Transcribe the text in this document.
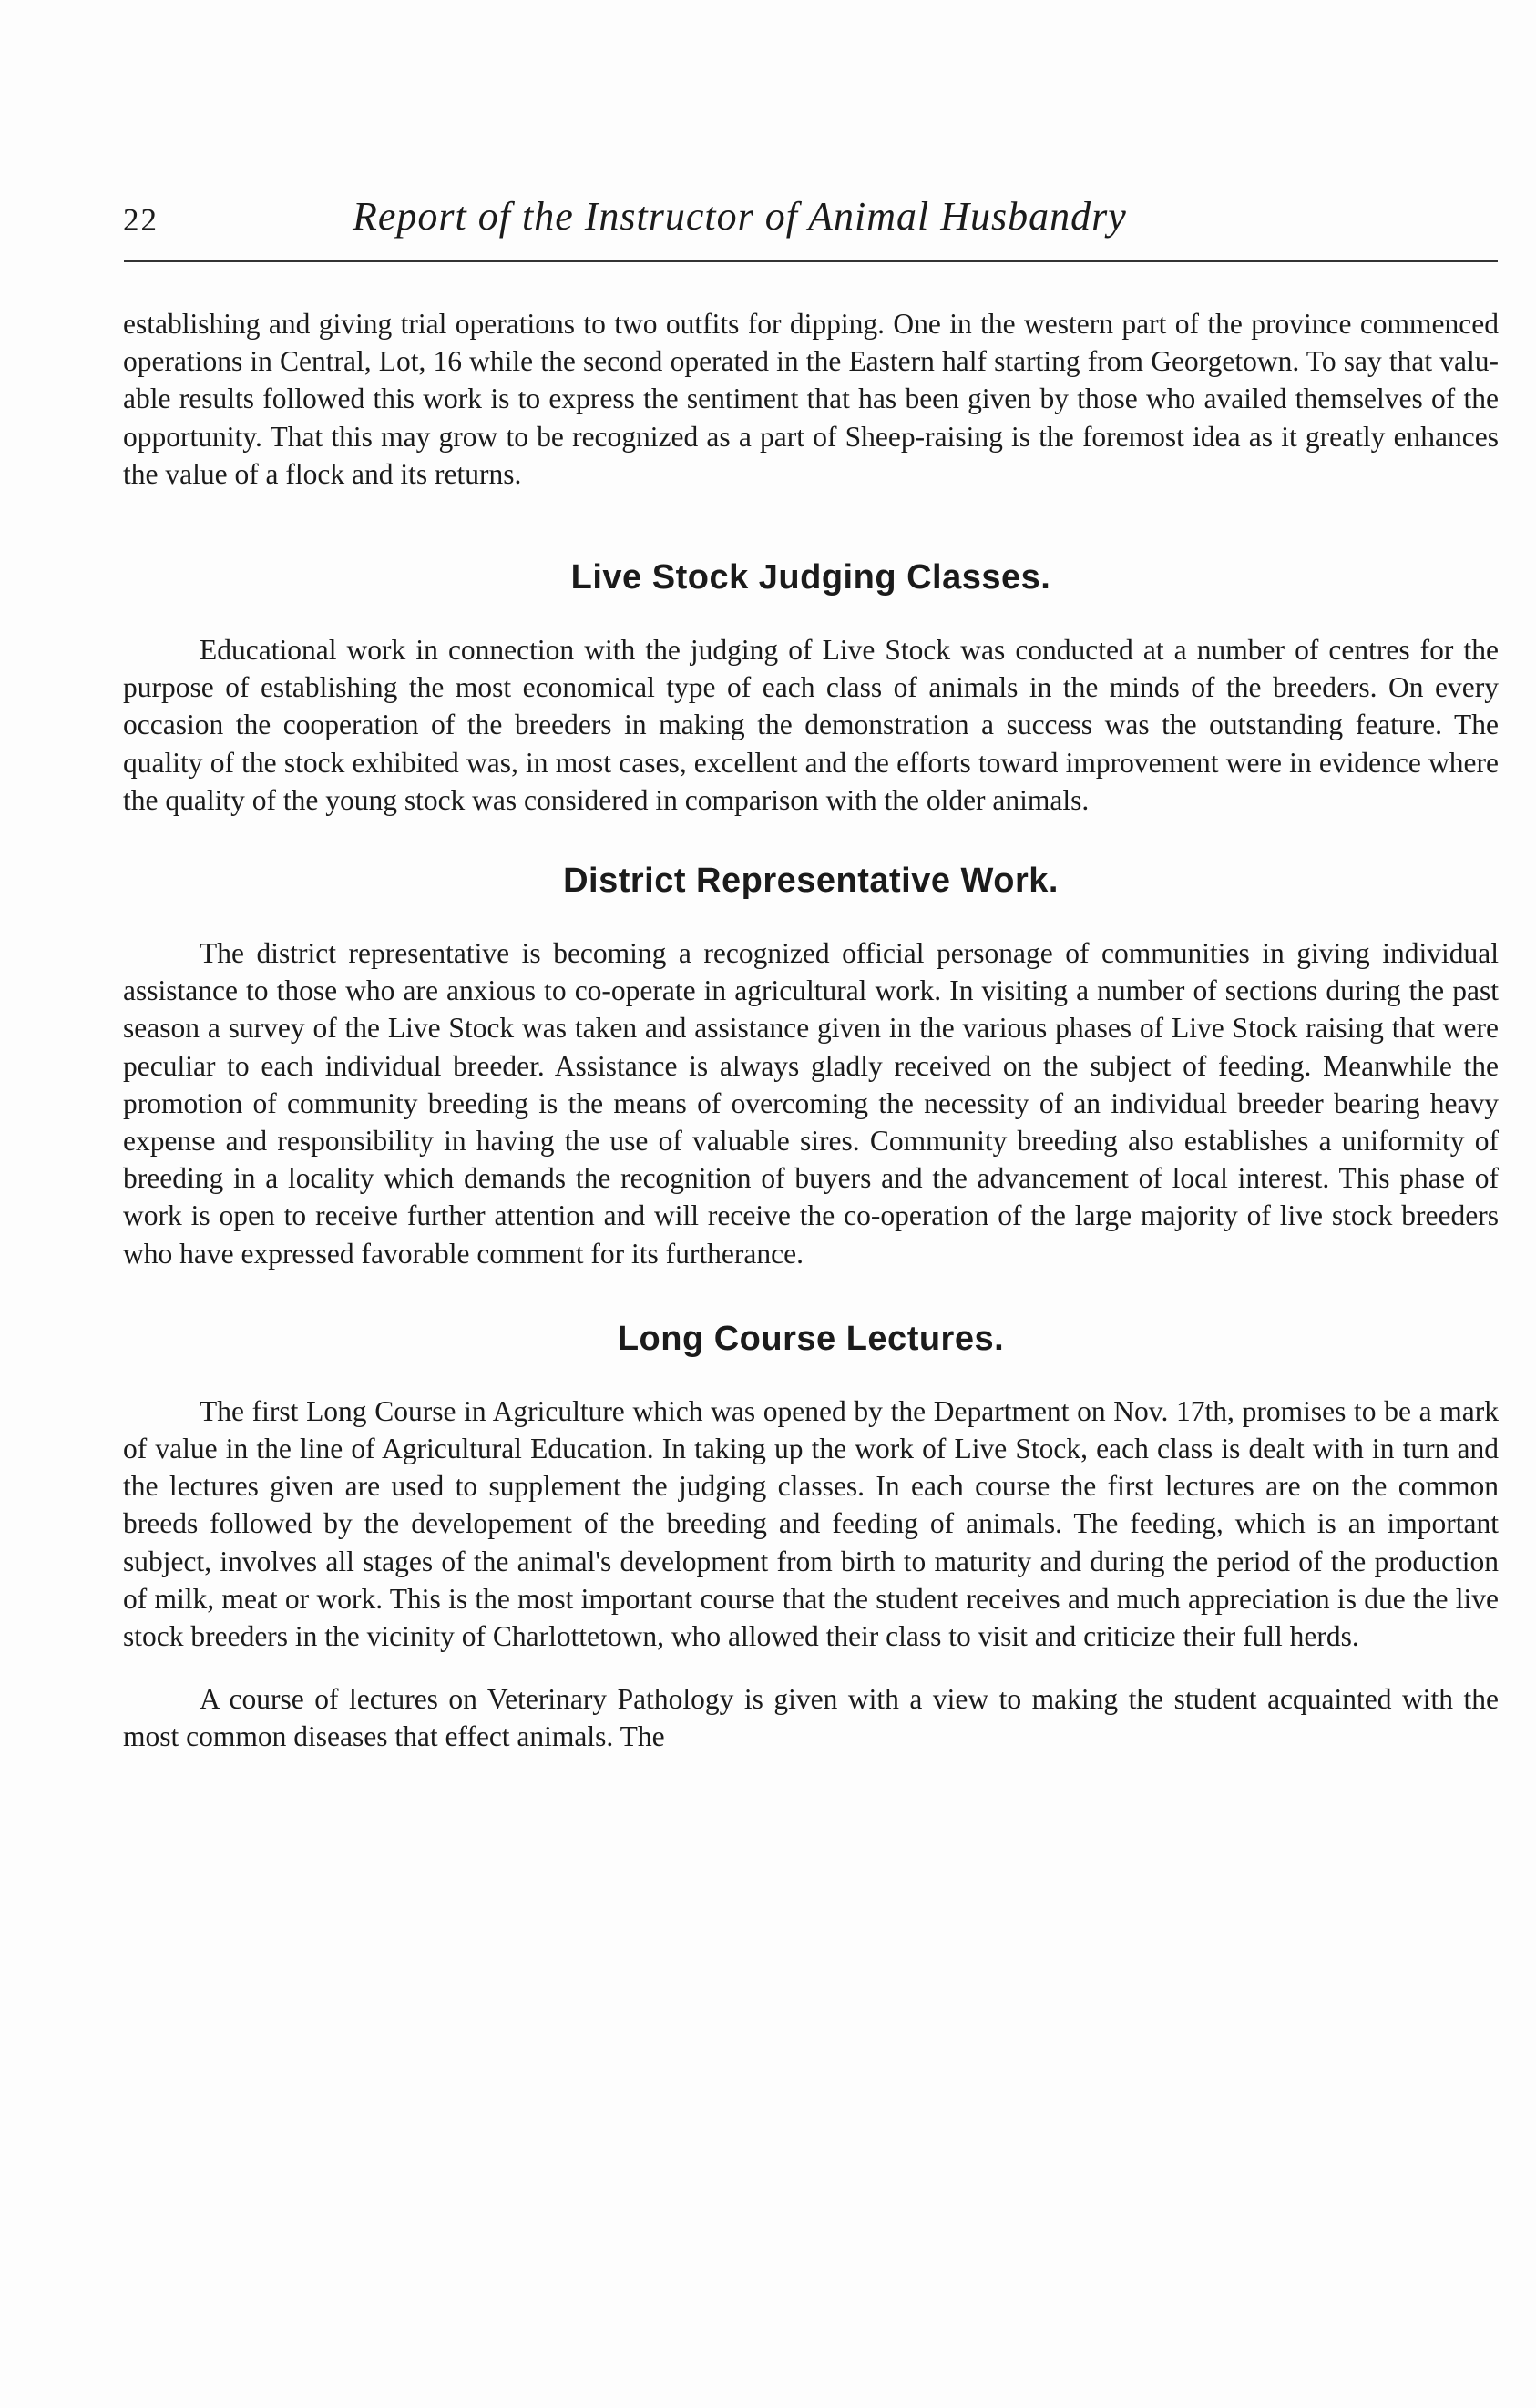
22	Report of the Instructor of Animal Husbandry

establishing and giving trial operations to two outfits for dipping. One in the western part of the province commenced operations in Central, Lot, 16 while the second operated in the Eastern half starting from Georgetown. To say that valuable results followed this work is to express the sentiment that has been given by those who availed themselves of the opportunity. That this may grow to be recognized as a part of Sheep-raising is the foremost idea as it greatly enhances the value of a flock and its returns.

Live Stock Judging Classes.

Educational work in connection with the judging of Live Stock was conducted at a number of centres for the purpose of establishing the most economical type of each class of animals in the minds of the breeders. On every occasion the cooperation of the breeders in making the demonstration a success was the outstanding feature. The quality of the stock exhibited was, in most cases, excellent and the efforts toward improvement were in evidence where the quality of the young stock was considered in comparison with the older animals.

District Representative Work.

The district representative is becoming a recognized official personage of communities in giving individual assistance to those who are anxious to co-operate in agricultural work. In visiting a number of sections during the past season a survey of the Live Stock was taken and assistance given in the various phases of Live Stock raising that were peculiar to each individual breeder. Assistance is always gladly received on the subject of feeding. Meanwhile the promotion of community breeding is the means of overcoming the necessity of an individual breeder bearing heavy expense and responsibility in having the use of valuable sires. Community breeding also establishes a uniformity of breeding in a locality which demands the recognition of buyers and the advancement of local interest. This phase of work is open to receive further attention and will receive the co-operation of the large majority of live stock breeders who have expressed favorable comment for its furtherance.

Long Course Lectures.

The first Long Course in Agriculture which was opened by the Department on Nov. 17th, promises to be a mark of value in the line of Agricultural Education. In taking up the work of Live Stock, each class is dealt with in turn and the lectures given are used to supplement the judging classes. In each course the first lectures are on the common breeds followed by the developement of the breeding and feeding of animals. The feeding, which is an important subject, involves all stages of the animal's development from birth to maturity and during the period of the production of milk, meat or work. This is the most important course that the student receives and much appreciation is due the live stock breeders in the vicinity of Charlottetown, who allowed their class to visit and criticize their full herds.

A course of lectures on Veterinary Pathology is given with a view to making the student acquainted with the most common diseases that effect animals. The
